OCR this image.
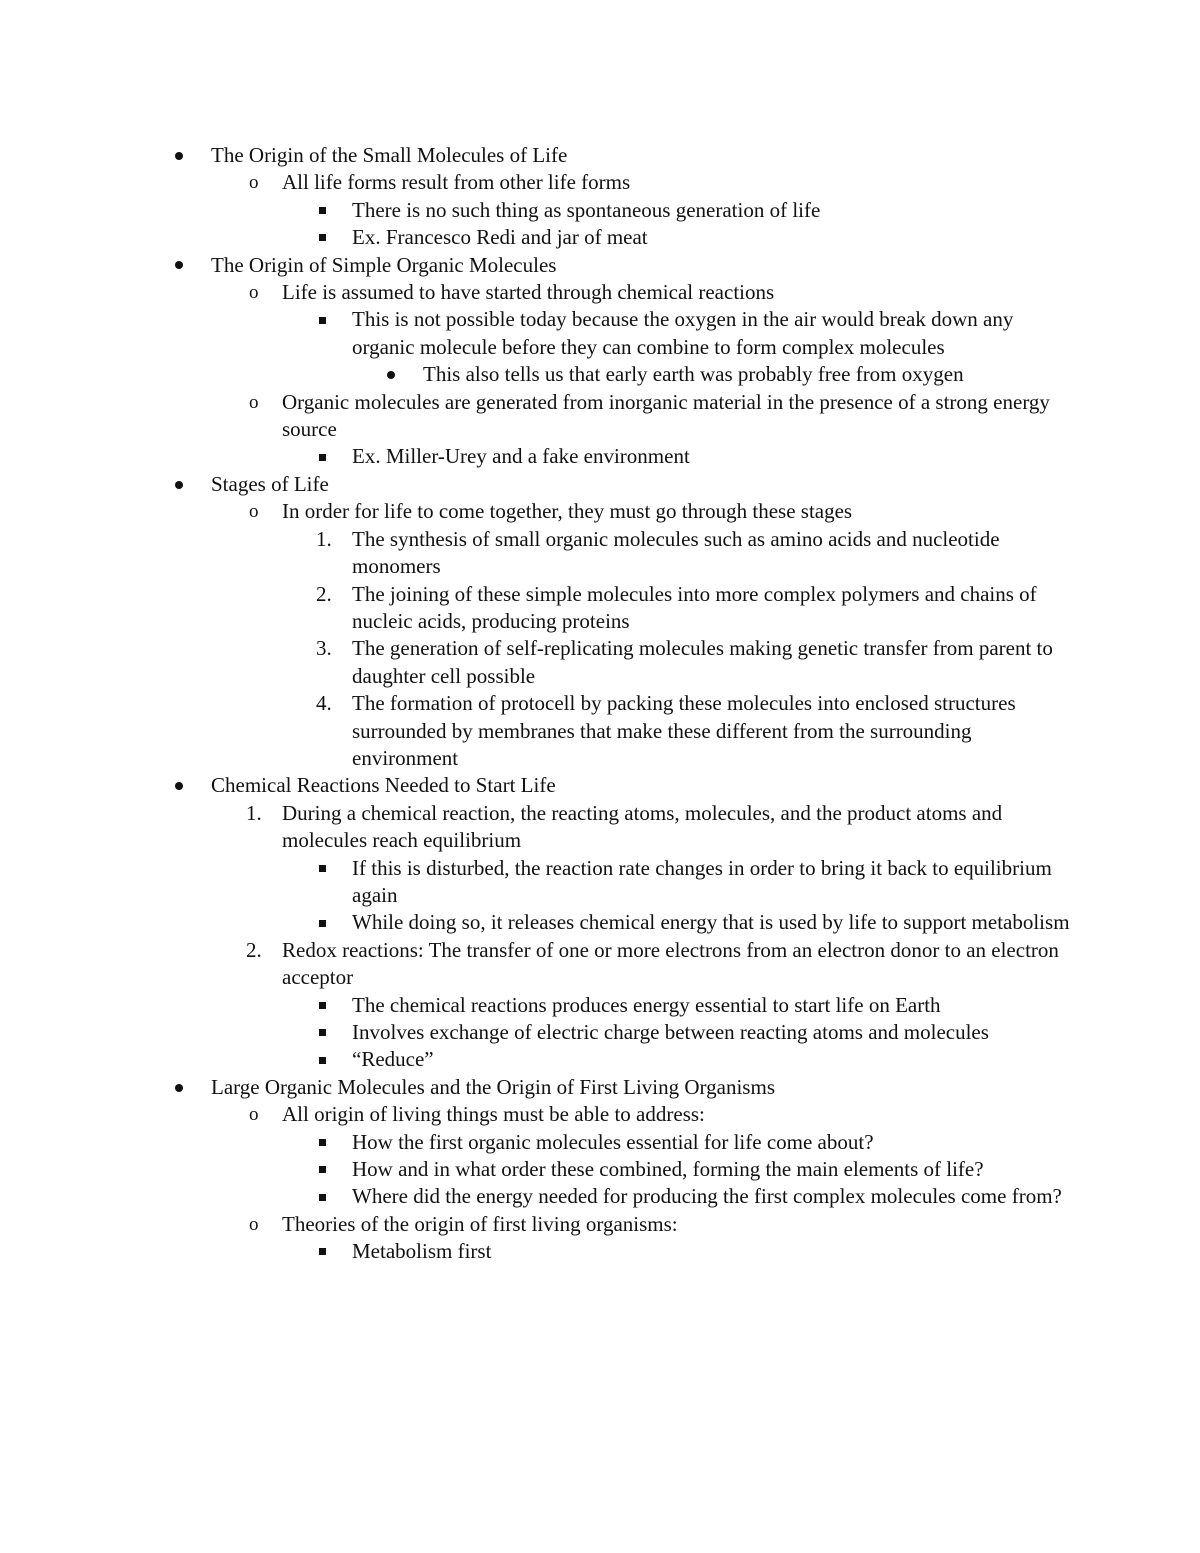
The Origin of the Small Molecules of Life
o All life forms result from other life forms
There is no such thing as spontaneous generation of life
Ex. Francesco Redi and jar of meat
The Origin of Simple Organic Molecules
o Life is assumed to have started through chemical reactions
This is not possible today because the oxygen in the air would break down any organic molecule before they can combine to form complex molecules
This also tells us that early earth was probably free from oxygen
o Organic molecules are generated from inorganic material in the presence of a strong energy source
Ex. Miller-Urey and a fake environment
Stages of Life
o In order for life to come together, they must go through these stages
1. The synthesis of small organic molecules such as amino acids and nucleotide monomers
2. The joining of these simple molecules into more complex polymers and chains of nucleic acids, producing proteins
3. The generation of self-replicating molecules making genetic transfer from parent to daughter cell possible
4. The formation of protocell by packing these molecules into enclosed structures surrounded by membranes that make these different from the surrounding environment
Chemical Reactions Needed to Start Life
1. During a chemical reaction, the reacting atoms, molecules, and the product atoms and molecules reach equilibrium
If this is disturbed, the reaction rate changes in order to bring it back to equilibrium again
While doing so, it releases chemical energy that is used by life to support metabolism
2. Redox reactions: The transfer of one or more electrons from an electron donor to an electron acceptor
The chemical reactions produces energy essential to start life on Earth
Involves exchange of electric charge between reacting atoms and molecules
“Reduce”
Large Organic Molecules and the Origin of First Living Organisms
o All origin of living things must be able to address:
How the first organic molecules essential for life come about?
How and in what order these combined, forming the main elements of life?
Where did the energy needed for producing the first complex molecules come from?
o Theories of the origin of first living organisms:
Metabolism first
